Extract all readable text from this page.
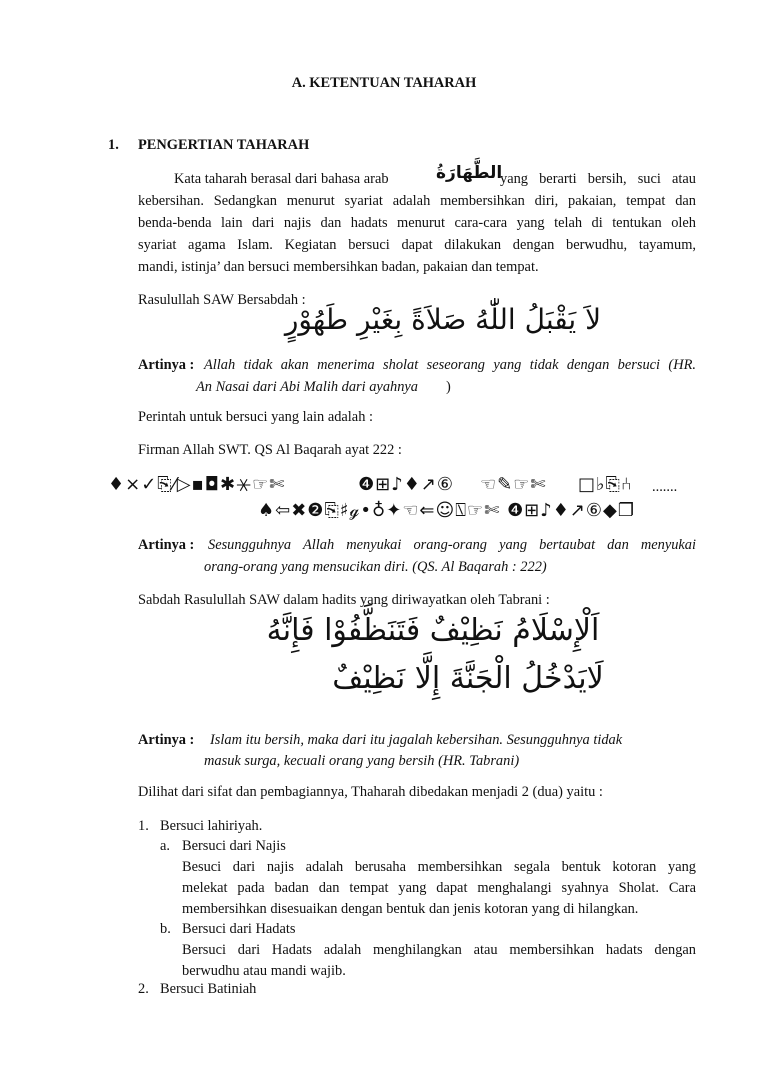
A. KETENTUAN TAHARAH
1. PENGERTIAN TAHARAH
Kata taharah berasal dari bahasa arab	الطَّهَارَةُ
yang berarti bersih, suci atau
kebersihan. Sedangkan menurut syariat adalah membersihkan diri, pakaian, tempat dan
benda-benda lain dari najis dan hadats menurut cara-cara yang telah di tentukan oleh
syariat agama Islam. Kegiatan bersuci dapat dilakukan dengan berwudhu, tayamum,
mandi, istinja’ dan bersuci membersihkan badan, pakaian dan tempat.
Rasulullah SAW Bersabdah :
لاَ يَقْبَلُ اللّٰهُ صَلاَةً بِغَيْرِ طَهُوْرٍ
Artinya : Allah tidak akan menerima sholat seseorang yang tidak dengan bersuci (HR.
An Nasai dari Abi Malih dari ayahnya )
Perintah untuk bersuci yang lain adalah :
Firman Allah SWT. QS Al Baqarah ayat 222 :
♦×✓⎘⁄▷▪◘✱⚹☞✄	❹⊞♪♦↗⑥ ☜✎☞✄ □♭⎘⑃ .......
♠⇦✖❷⎘♯ℊ•♁✦☜⇐☺⍂☞✄ ❹⊞♪♦↗⑥◆❐
Artinya : Sesungguhnya Allah menyukai orang-orang yang bertaubat dan menyukai
orang-orang yang mensucikan diri. (QS. Al Baqarah : 222)
Sabdah Rasulullah SAW dalam hadits yang diriwayatkan oleh Tabrani :
اَلْإِسْلَامُ نَظِيْفٌ فَتَنَظَّفُوْا فَإِنَّهُ
لَايَدْخُلُ الْجَنَّةَ إِلَّا نَظِيْفٌ
Artinya : Islam itu bersih, maka dari itu jagalah kebersihan. Sesungguhnya tidak
masuk surga, kecuali orang yang bersih (HR. Tabrani)
Dilihat dari sifat dan pembagiannya, Thaharah dibedakan menjadi 2 (dua) yaitu :
1. Bersuci lahiriyah.
a. Bersuci dari Najis
Besuci dari najis adalah berusaha membersihkan segala bentuk kotoran yang
melekat pada badan dan tempat yang dapat menghalangi syahnya Sholat. Cara
membersihkan disesuaikan dengan bentuk dan jenis kotoran yang di hilangkan.
b. Bersuci dari Hadats
Bersuci dari Hadats adalah menghilangkan atau membersihkan hadats dengan
berwudhu atau mandi wajib.
2. Bersuci Batiniah
